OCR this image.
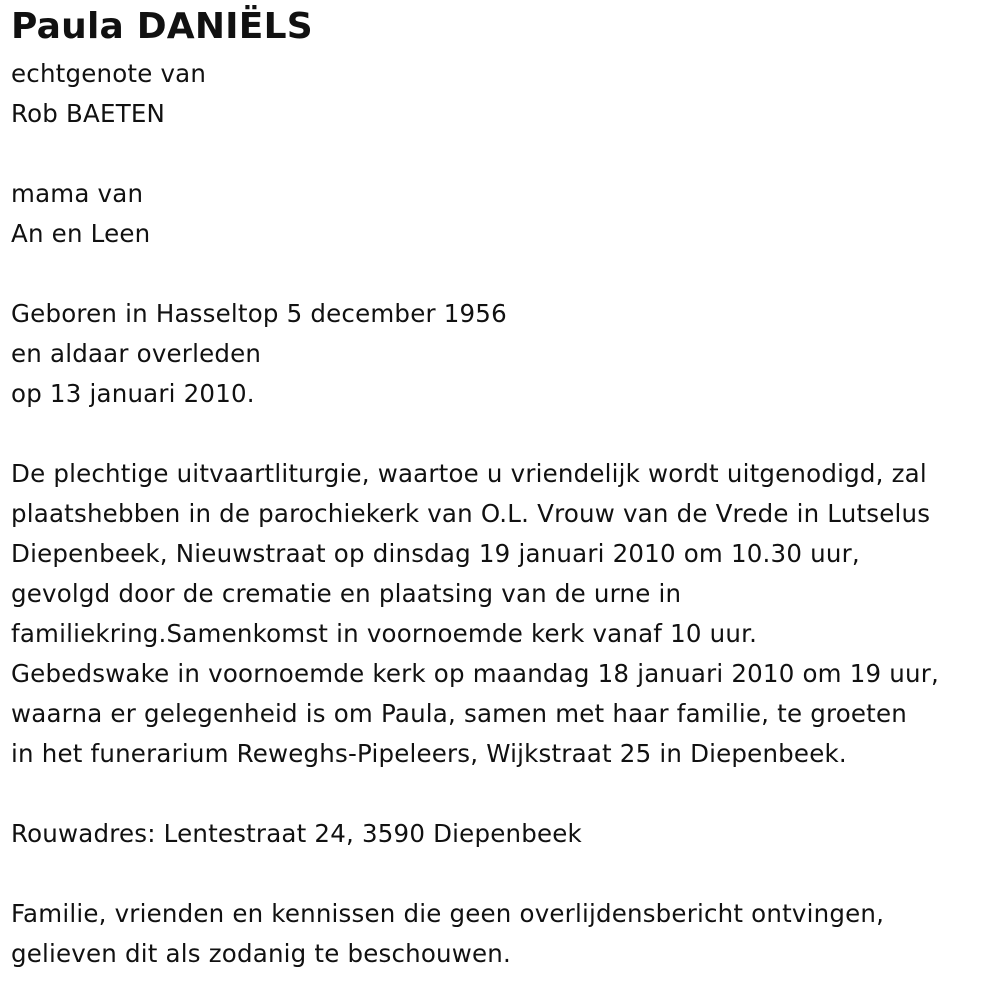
Paula DANIËLS
echtgenote van
Rob BAETEN
mama van
An en Leen
Geboren in Hasseltop 5 december 1956
en aldaar overleden
op 13 januari 2010.
De plechtige uitvaartliturgie, waartoe u vriendelijk wordt uitgenodigd, zal
plaatshebben in de parochiekerk van O.L. Vrouw van de Vrede in Lutselus
Diepenbeek, Nieuwstraat op dinsdag 19 januari 2010 om 10.30 uur,
gevolgd door de crematie en plaatsing van de urne in
familiekring.Samenkomst in voornoemde kerk vanaf 10 uur.
Gebedswake in voornoemde kerk op maandag 18 januari 2010 om 19 uur,
waarna er gelegenheid is om Paula, samen met haar familie, te groeten
in het funerarium Reweghs-Pipeleers, Wijkstraat 25 in Diepenbeek.
Rouwadres: Lentestraat 24, 3590 Diepenbeek
Familie, vrienden en kennissen die geen overlijdensbericht ontvingen,
gelieven dit als zodanig te beschouwen.
